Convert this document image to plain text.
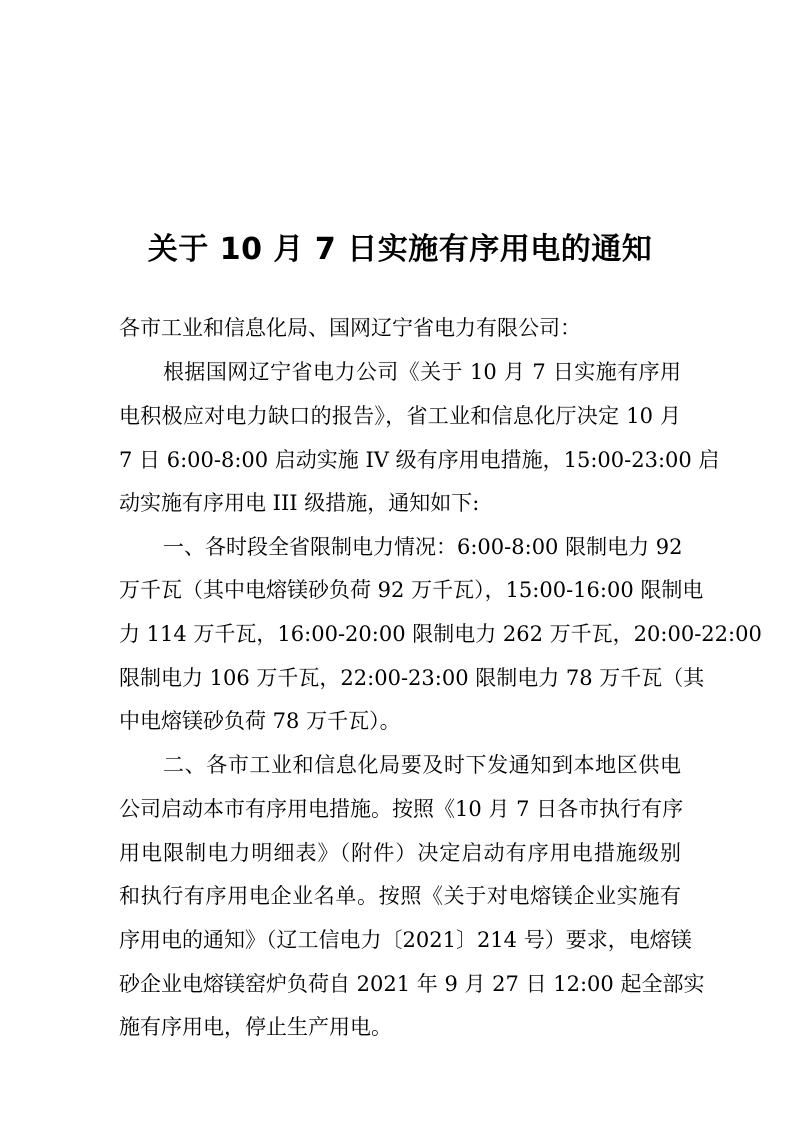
关于 10 月 7 日实施有序用电的通知
各市工业和信息化局、国网辽宁省电力有限公司：
根据国网辽宁省电力公司《关于 10 月 7 日实施有序用
电积极应对电力缺口的报告》，省工业和信息化厅决定 10 月
7 日 6:00-8:00 启动实施 IV 级有序用电措施，15:00-23:00 启
动实施有序用电 III 级措施，通知如下:
一、各时段全省限制电力情况：6:00-8:00 限制电力 92
万千瓦（其中电熔镁砂负荷 92 万千瓦），15:00-16:00 限制电
力 114 万千瓦，16:00-20:00 限制电力 262 万千瓦，20:00-22:00
限制电力 106 万千瓦，22:00-23:00 限制电力 78 万千瓦（其
中电熔镁砂负荷 78 万千瓦）。
二、各市工业和信息化局要及时下发通知到本地区供电
公司启动本市有序用电措施。按照《10 月 7 日各市执行有序
用电限制电力明细表》（附件）决定启动有序用电措施级别
和执行有序用电企业名单。按照《关于对电熔镁企业实施有
序用电的通知》（辽工信电力〔2021〕214 号）要求，电熔镁
砂企业电熔镁窑炉负荷自 2021 年 9 月 27 日 12:00 起全部实
施有序用电，停止生产用电。
